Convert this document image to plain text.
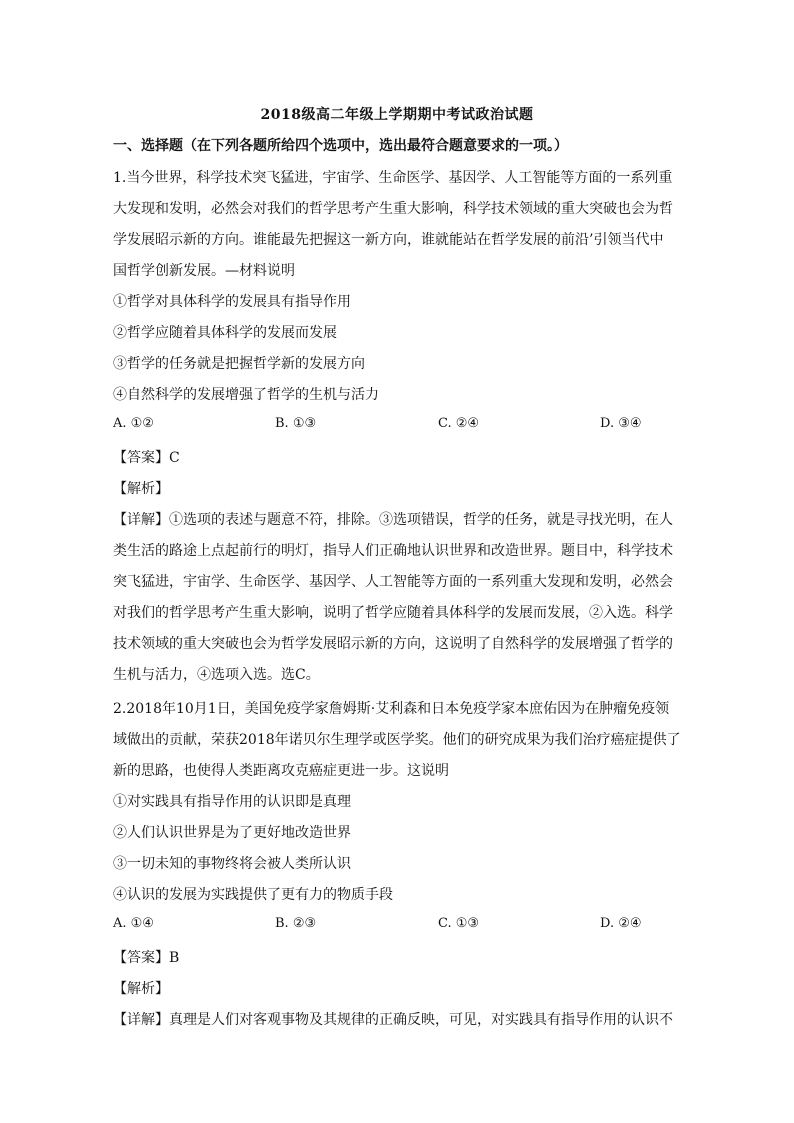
2018级高二年级上学期期中考试政治试题
一、选择题（在下列各题所给四个选项中，选出最符合题意要求的一项。）
1.当今世界，科学技术突飞猛进，宇宙学、生命医学、基因学、人工智能等方面的一系列重
大发现和发明，必然会对我们的哲学思考产生重大影响，科学技术领域的重大突破也会为哲
学发展昭示新的方向。谁能最先把握这一新方向，谁就能站在哲学发展的前沿’引领当代中
国哲学创新发展。—材料说明
①哲学对具体科学的发展具有指导作用
②哲学应随着具体科学的发展而发展
③哲学的任务就是把握哲学新的发展方向
④自然科学的发展增强了哲学的生机与活力
A. ①②	B. ①③	C. ②④	D. ③④
【答案】C
【解析】
【详解】①选项的表述与题意不符，排除。③选项错误，哲学的任务，就是寻找光明，在人
类生活的路途上点起前行的明灯，指导人们正确地认识世界和改造世界。题目中，科学技术
突飞猛进，宇宙学、生命医学、基因学、人工智能等方面的一系列重大发现和发明，必然会
对我们的哲学思考产生重大影响，说明了哲学应随着具体科学的发展而发展，②入选。科学
技术领域的重大突破也会为哲学发展昭示新的方向，这说明了自然科学的发展增强了哲学的
生机与活力，④选项入选。选C。
2.2018年10月1日，美国免疫学家詹姆斯·艾利森和日本免疫学家本庶佑因为在肿瘤免疫领
域做出的贡献，荣获2018年诺贝尔生理学或医学奖。他们的研究成果为我们治疗癌症提供了
新的思路，也使得人类距离攻克癌症更进一步。这说明
①对实践具有指导作用的认识即是真理
②人们认识世界是为了更好地改造世界
③一切未知的事物终将会被人类所认识
④认识的发展为实践提供了更有力的物质手段
A. ①④	B. ②③	C. ①③	D. ②④
【答案】B
【解析】
【详解】真理是人们对客观事物及其规律的正确反映，可见，对实践具有指导作用的认识不
